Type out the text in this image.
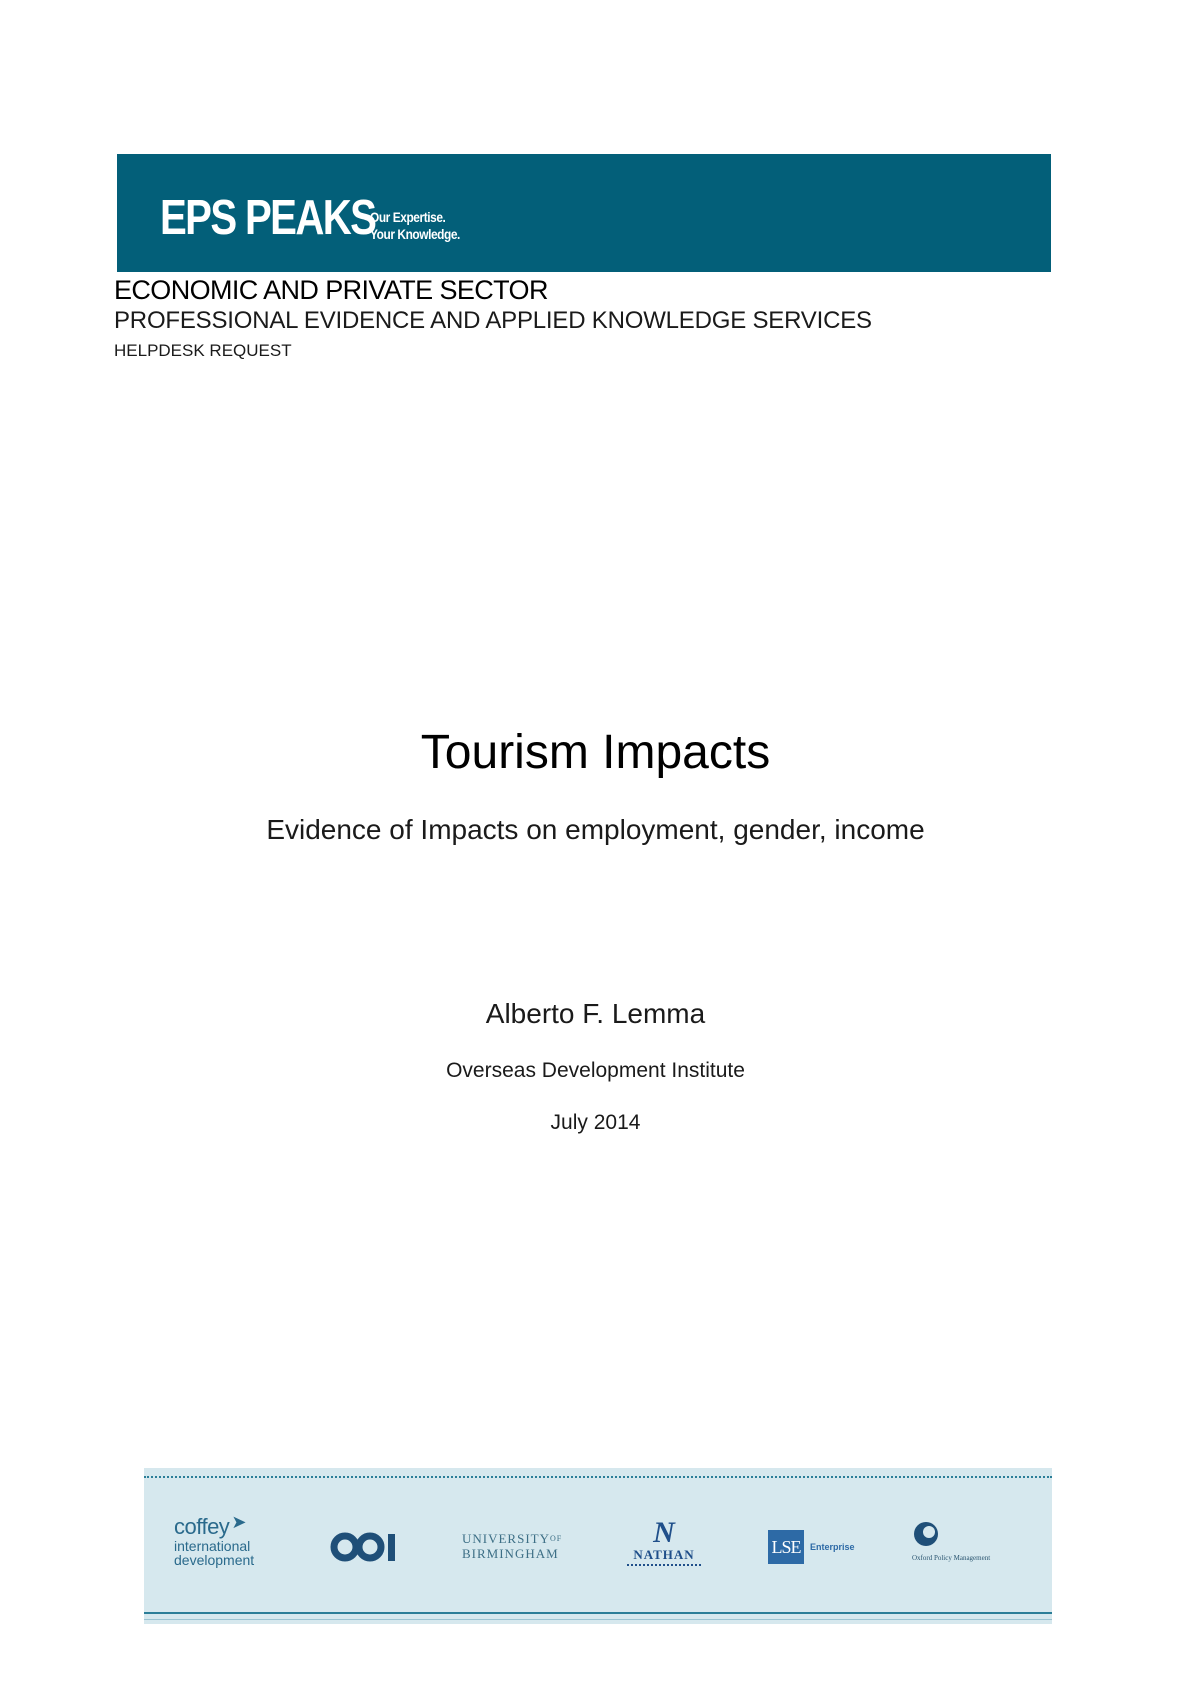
EPS PEAKS
Our Expertise.
Your Knowledge.
ECONOMIC AND PRIVATE SECTOR
PROFESSIONAL EVIDENCE AND APPLIED KNOWLEDGE SERVICES
HELPDESK REQUEST
Tourism Impacts
Evidence of Impacts on employment, gender, income
Alberto F. Lemma
Overseas Development Institute
July 2014
coffey ➤
international
development
$UNIVERSITY^{OF}$
BIRMINGHAM
N
NATHAN	LSE	Enterprise
Oxford Policy Management
